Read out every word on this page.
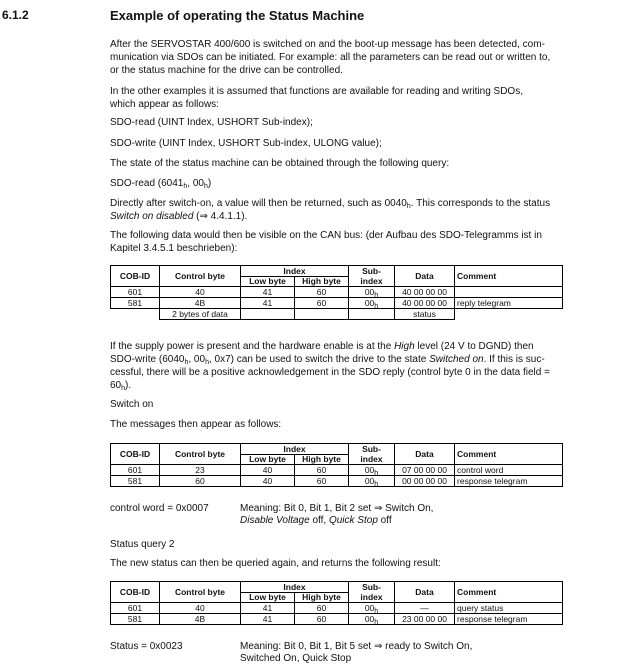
6.1.2	Example of operating the Status Machine
After the SERVOSTAR 400/600 is switched on and the boot-up message has been detected, com-
munication via SDOs can be initiated. For example: all the parameters can be read out or written to,
or the status machine for the drive can be controlled.
In the other examples it is assumed that functions are available for reading and writing SDOs,
which appear as follows:
SDO-read (UINT Index, USHORT Sub-index);
SDO-write (UINT Index, USHORT Sub-index, ULONG value);
The state of the status machine can be obtained through the following query:
SDO-read ($6041_h$, $00_h$)
Directly after switch-on, a value will then be returned, such as $0040_h$. This corresponds to the status
Switch on disabled (⇒ 4.4.1.1).
The following data would then be visible on the CAN bus: (der Aufbau des SDO-Telegramms ist in
Kapitel 3.4.5.1 beschrieben):
COB-ID	Control byte	Index		Sub-
index	Data	Comment
		Low byte	High byte			
601	40	41	60	$00_h$	40 00 00 00	
581	4B	41	60	$00_h$	40 00 00 00	reply telegram
	2 bytes of data				status	
If the supply power is present and the hardware enable is at the High level (24 V to DGND) then
SDO-write ($6040_h$, $00_h$, 0x7) can be used to switch the drive to the state Switched on. If this is suc-
cessful, there will be a positive acknowledgement in the SDO reply (control byte 0 in the data field =
$60_h$).
Switch on
The messages then appear as follows:
COB-ID	Control byte	Index		Sub-
index	Data	Comment
		Low byte	High byte			
601	23	40	60	$00_h$	07 00 00 00	control word
581	60	40	60	$00_h$	00 00 00 00	response telegram
control word = 0x0007	Meaning: Bit 0, Bit 1, Bit 2 set ⇒ Switch On,
Disable Voltage off, Quick Stop off
Status query 2
The new status can then be queried again, and returns the following result:
COB-ID	Control byte	Index		Sub-
index	Data	Comment
		Low byte	High byte			
601	40	41	60	$00_h$	—	query status
581	4B	41	60	$00_h$	23 00 00 00	response telegram
Status = 0x0023	Meaning: Bit 0, Bit 1, Bit 5 set ⇒ ready to Switch On,
Switched On, Quick Stop
